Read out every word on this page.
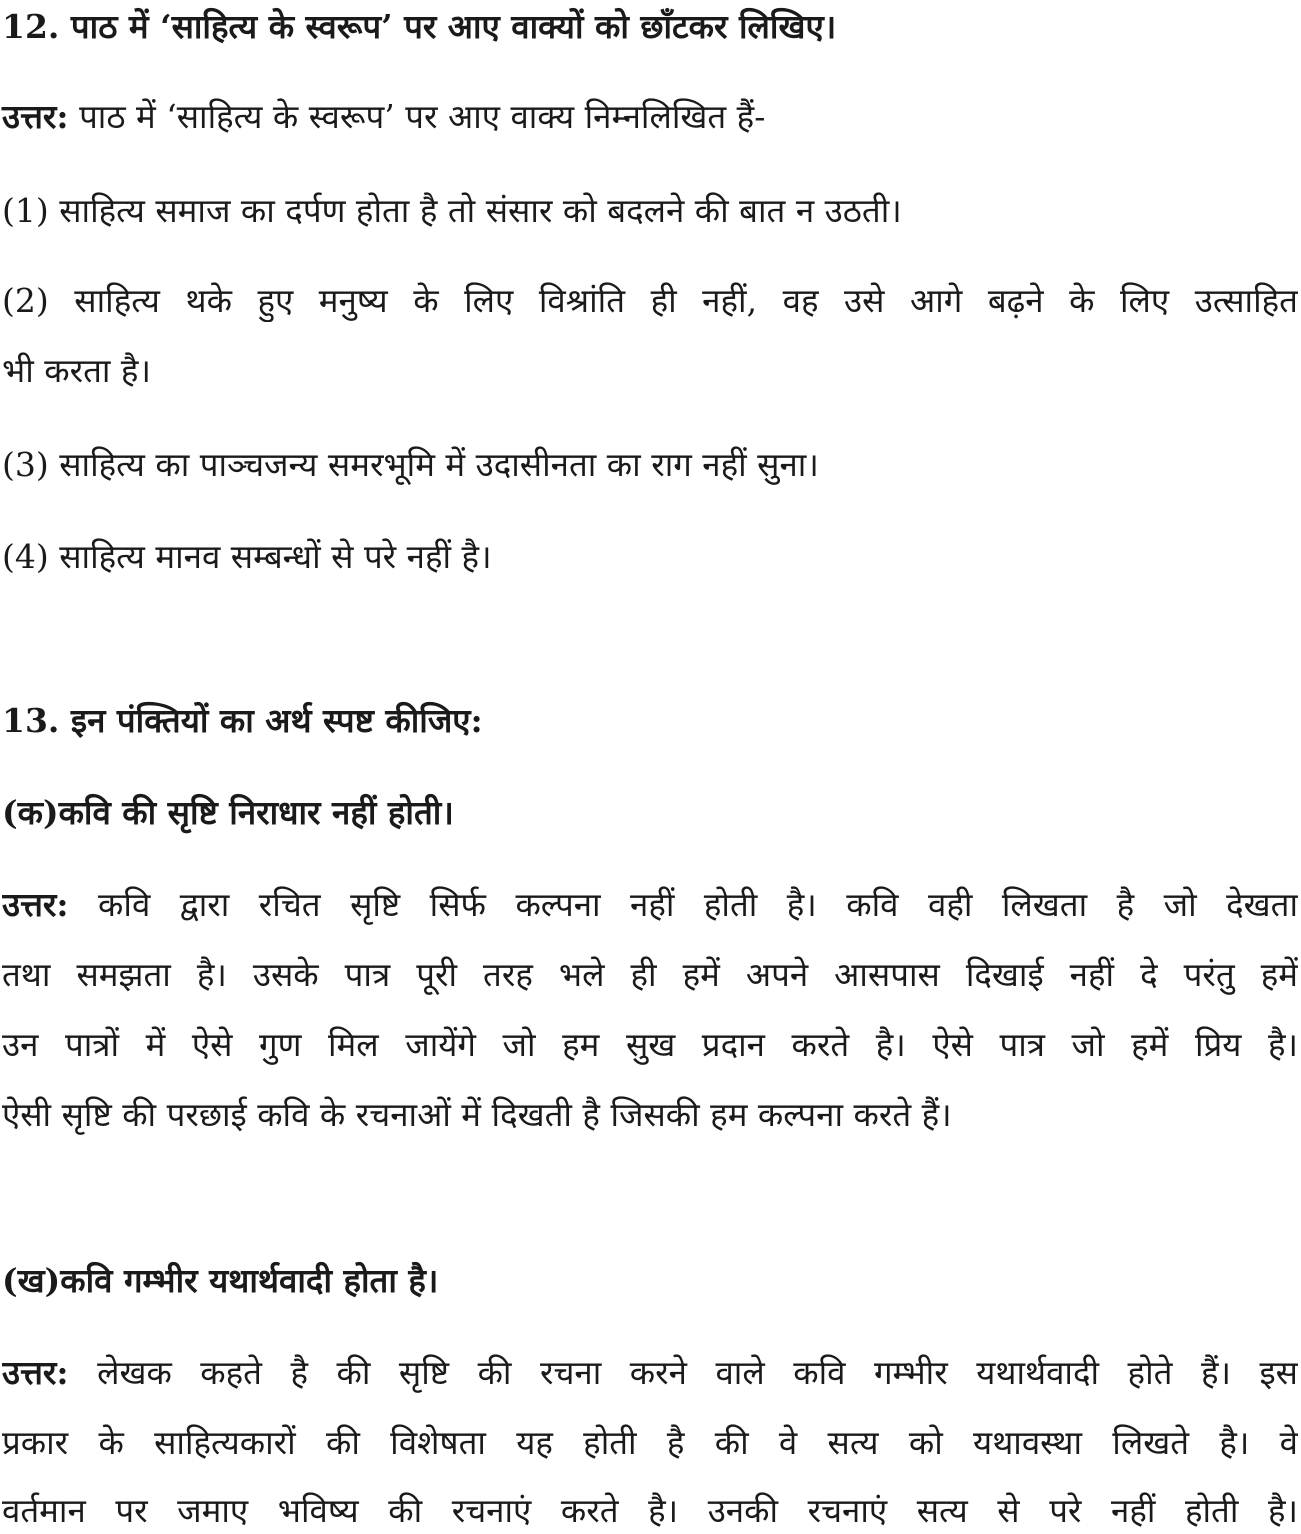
12. पाठ में ‘साहित्य के स्वरूप’ पर आए वाक्यों को छाँटकर लिखिए।
उत्तर: पाठ में ‘साहित्य के स्वरूप’ पर आए वाक्य निम्नलिखित हैं-
(1) साहित्य समाज का दर्पण होता है तो संसार को बदलने की बात न उठती।
(2) साहित्य थके हुए मनुष्य के लिए विश्रांति ही नहीं, वह उसे आगे बढ़ने के लिए उत्साहित
भी करता है।
(3) साहित्य का पाञ्चजन्य समरभूमि में उदासीनता का राग नहीं सुना।
(4) साहित्य मानव सम्बन्धों से परे नहीं है।
13. इन पंक्तियों का अर्थ स्पष्ट कीजिए:
(क)कवि की सृष्टि निराधार नहीं होती।
उत्तर: कवि द्वारा रचित सृष्टि सिर्फ कल्पना नहीं होती है। कवि वही लिखता है जो देखता
तथा समझता है। उसके पात्र पूरी तरह भले ही हमें अपने आसपास दिखाई नहीं दे परंतु हमें
उन पात्रों में ऐसे गुण मिल जायेंगे जो हम सुख प्रदान करते है। ऐसे पात्र जो हमें प्रिय है।
ऐसी सृष्टि की परछाई कवि के रचनाओं में दिखती है जिसकी हम कल्पना करते हैं।
(ख)कवि गम्भीर यथार्थवादी होता है।
उत्तर: लेखक कहते है की सृष्टि की रचना करने वाले कवि गम्भीर यथार्थवादी होते हैं। इस
प्रकार के साहित्यकारों की विशेषता यह होती है की वे सत्य को यथावस्था लिखते है। वे
वर्तमान पर जमाए भविष्य की रचनाएं करते है। उनकी रचनाएं सत्य से परे नहीं होती है।
